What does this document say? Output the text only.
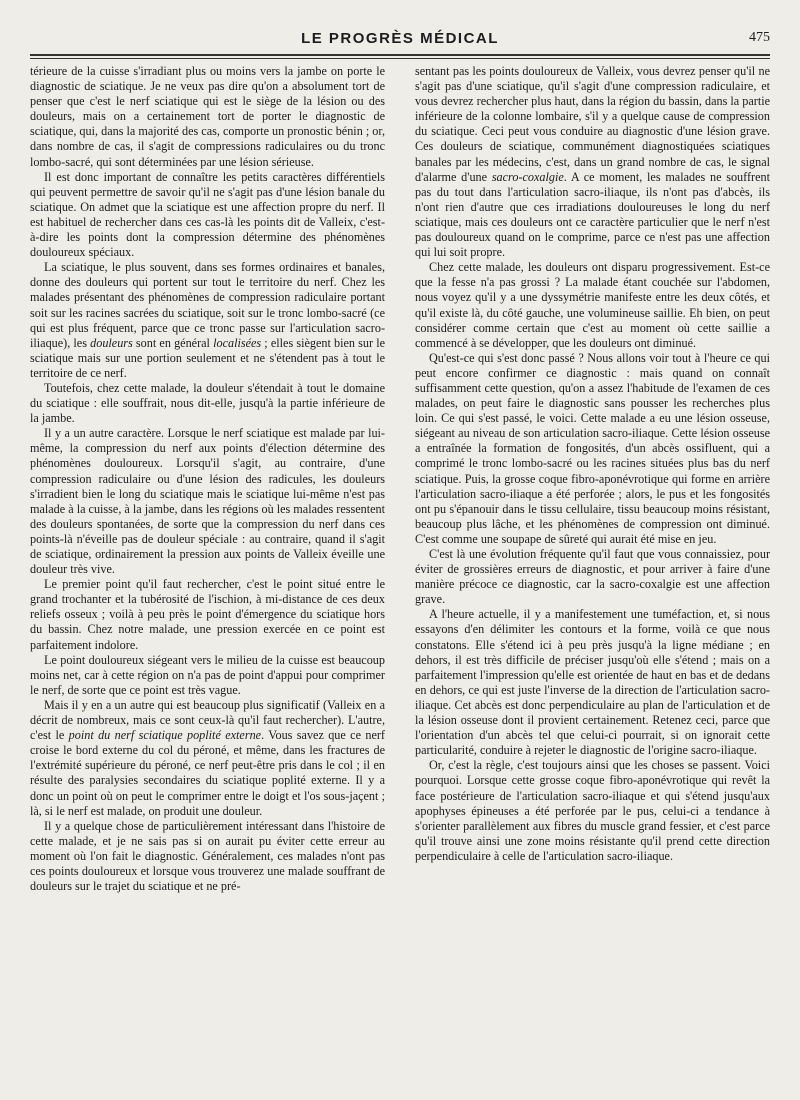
LE PROGRÈS MÉDICAL	475

térieure de la cuisse s'irradiant plus ou moins vers la jambe on porte le diagnostic de sciatique. Je ne veux pas dire qu'on a absolument tort de penser que c'est le nerf sciatique qui est le siège de la lésion ou des douleurs, mais on a certainement tort de porter le diagnostic de sciatique, qui, dans la majorité des cas, comporte un pronostic bénin ; or, dans nombre de cas, il s'agit de compressions radiculaires ou du tronc lombo-sacré, qui sont déterminées par une lésion sérieuse.

Il est donc important de connaître les petits caractères différentiels qui peuvent permettre de savoir qu'il ne s'agit pas d'une lésion banale du sciatique. On admet que la sciatique est une affection propre du nerf. Il est habituel de rechercher dans ces cas-là les points dit de Valleix, c'est-à-dire les points dont la compression détermine des phénomènes douloureux spéciaux.

La sciatique, le plus souvent, dans ses formes ordinaires et banales, donne des douleurs qui portent sur tout le territoire du nerf. Chez les malades présentant des phénomènes de compression radiculaire portant soit sur les racines sacrées du sciatique, soit sur le tronc lombo-sacré (ce qui est plus fréquent, parce que ce tronc passe sur l'articulation sacro-iliaque), les douleurs sont en général localisées ; elles siègent bien sur le sciatique mais sur une portion seulement et ne s'étendent pas à tout le territoire de ce nerf.

Toutefois, chez cette malade, la douleur s'étendait à tout le domaine du sciatique : elle souffrait, nous dit-elle, jusqu'à la partie inférieure de la jambe.

Il y a un autre caractère. Lorsque le nerf sciatique est malade par lui-même, la compression du nerf aux points d'élection détermine des phénomènes douloureux. Lorsqu'il s'agit, au contraire, d'une compression radiculaire ou d'une lésion des radicules, les douleurs s'irradient bien le long du sciatique mais le sciatique lui-même n'est pas malade à la cuisse, à la jambe, dans les régions où les malades ressentent des douleurs spontanées, de sorte que la compression du nerf dans ces points-là n'éveille pas de douleur spéciale : au contraire, quand il s'agit de sciatique, ordinairement la pression aux points de Valleix éveille une douleur très vive.

Le premier point qu'il faut rechercher, c'est le point situé entre le grand trochanter et la tubérosité de l'ischion, à mi-distance de ces deux reliefs osseux ; voilà à peu près le point d'émergence du sciatique hors du bassin. Chez notre malade, une pression exercée en ce point est parfaitement indolore.

Le point douloureux siégeant vers le milieu de la cuisse est beaucoup moins net, car à cette région on n'a pas de point d'appui pour comprimer le nerf, de sorte que ce point est très vague.

Mais il y en a un autre qui est beaucoup plus significatif (Valleix en a décrit de nombreux, mais ce sont ceux-là qu'il faut rechercher). L'autre, c'est le point du nerf sciatique poplité externe. Vous savez que ce nerf croise le bord externe du col du péroné, et même, dans les fractures de l'extrémité supérieure du péroné, ce nerf peut-être pris dans le col ; il en résulte des paralysies secondaires du sciatique poplité externe. Il y a donc un point où on peut le comprimer entre le doigt et l'os sous-jaçent ; là, si le nerf est malade, on produit une douleur.

Il y a quelque chose de particulièrement intéressant dans l'histoire de cette malade, et je ne sais pas si on aurait pu éviter cette erreur au moment où l'on fait le diagnostic. Généralement, ces malades n'ont pas ces points douloureux et lorsque vous trouverez une malade souffrant de douleurs sur le trajet du sciatique et ne pré-

sentant pas les points douloureux de Valleix, vous devrez penser qu'il ne s'agit pas d'une sciatique, qu'il s'agit d'une compression radiculaire, et vous devrez rechercher plus haut, dans la région du bassin, dans la partie inférieure de la colonne lombaire, s'il y a quelque cause de compression du sciatique. Ceci peut vous conduire au diagnostic d'une lésion grave. Ces douleurs de sciatique, communément diagnostiquées sciatiques banales par les médecins, c'est, dans un grand nombre de cas, le signal d'alarme d'une sacro-coxalgie. A ce moment, les malades ne souffrent pas du tout dans l'articulation sacro-iliaque, ils n'ont pas d'abcès, ils n'ont rien d'autre que ces irradiations douloureuses le long du nerf sciatique, mais ces douleurs ont ce caractère particulier que le nerf n'est pas douloureux quand on le comprime, parce ce n'est pas une affection qui lui soit propre.

Chez cette malade, les douleurs ont disparu progressivement. Est-ce que la fesse n'a pas grossi ? La malade étant couchée sur l'abdomen, nous voyez qu'il y a une dyssymétrie manifeste entre les deux côtés, et qu'il existe là, du côté gauche, une volumineuse saillie. Eh bien, on peut considérer comme certain que c'est au moment où cette saillie a commencé à se développer, que les douleurs ont diminué.

Qu'est-ce qui s'est donc passé ? Nous allons voir tout à l'heure ce qui peut encore confirmer ce diagnostic : mais quand on connaît suffisamment cette question, qu'on a assez l'habitude de l'examen de ces malades, on peut faire le diagnostic sans pousser les recherches plus loin. Ce qui s'est passé, le voici. Cette malade a eu une lésion osseuse, siégeant au niveau de son articulation sacro-iliaque. Cette lésion osseuse a entraînée la formation de fongosités, d'un abcès ossifluent, qui a comprimé le tronc lombo-sacré ou les racines situées plus bas du nerf sciatique. Puis, la grosse coque fibro-aponévrotique qui forme en arrière l'articulation sacro-iliaque a été perforée ; alors, le pus et les fongosités ont pu s'épanouir dans le tissu cellulaire, tissu beaucoup moins résistant, beaucoup plus lâche, et les phénomènes de compression ont diminué. C'est comme une soupape de sûreté qui aurait été mise en jeu.

C'est là une évolution fréquente qu'il faut que vous connaissiez, pour éviter de grossières erreurs de diagnostic, et pour arriver à faire d'une manière précoce ce diagnostic, car la sacro-coxalgie est une affection grave.

A l'heure actuelle, il y a manifestement une tuméfaction, et, si nous essayons d'en délimiter les contours et la forme, voilà ce que nous constatons. Elle s'étend ici à peu près jusqu'à la ligne médiane ; en dehors, il est très difficile de préciser jusqu'où elle s'étend ; mais on a parfaitement l'impression qu'elle est orientée de haut en bas et de dedans en dehors, ce qui est juste l'inverse de la direction de l'articulation sacro-iliaque. Cet abcès est donc perpendiculaire au plan de l'articulation et de la lésion osseuse dont il provient certainement. Retenez ceci, parce que l'orientation d'un abcès tel que celui-ci pourrait, si on ignorait cette particularité, conduire à rejeter le diagnostic de l'origine sacro-iliaque.

Or, c'est la règle, c'est toujours ainsi que les choses se passent. Voici pourquoi. Lorsque cette grosse coque fibro-aponévrotique qui revêt la face postérieure de l'articulation sacro-iliaque et qui s'étend jusqu'aux apophyses épineuses a été perforée par le pus, celui-ci a tendance à s'orienter parallèlement aux fibres du muscle grand fessier, et c'est parce qu'il trouve ainsi une zone moins résistante qu'il prend cette direction perpendiculaire à celle de l'articulation sacro-iliaque.
